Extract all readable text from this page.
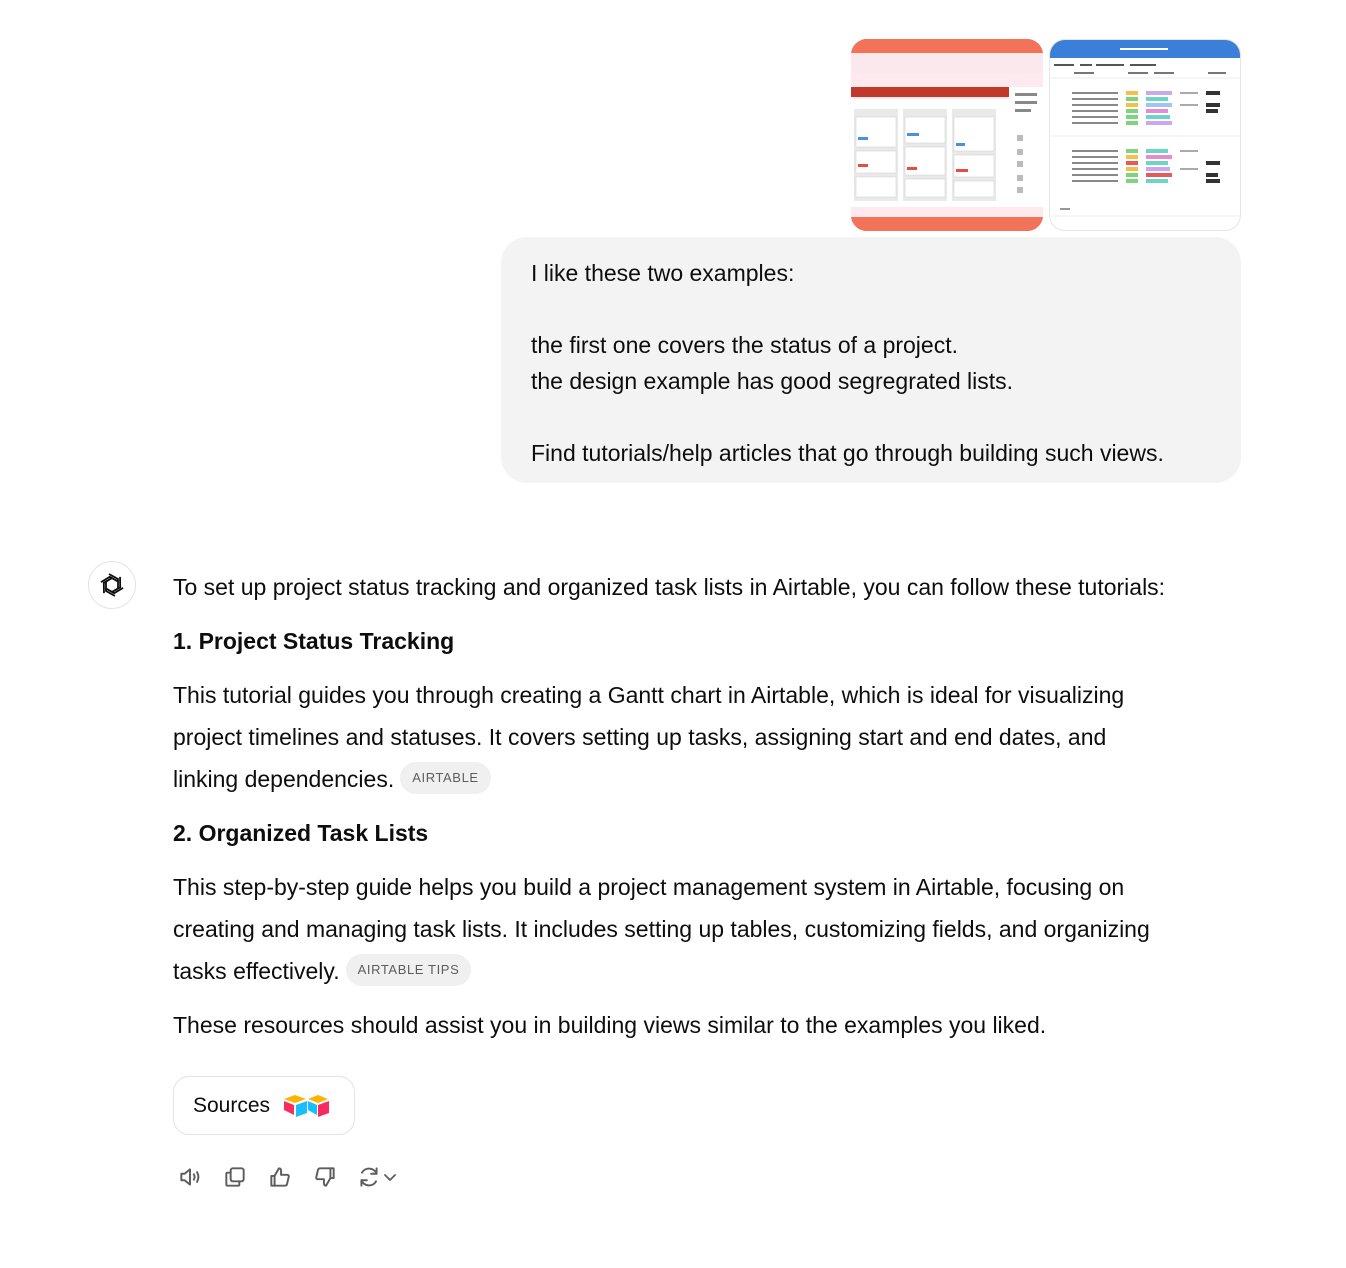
I like these two examples:

the first one covers the status of a project.

the design example has good segregrated lists.

Find tutorials/help articles that go through building such views.

To set up project status tracking and organized task lists in Airtable, you can follow these tutorials:
1. Project Status Tracking
This tutorial guides you through creating a Gantt chart in Airtable, which is ideal for visualizing
project timelines and statuses. It covers setting up tasks, assigning start and end dates, and
linking dependencies. AIRTABLE
2. Organized Task Lists
This step-by-step guide helps you build a project management system in Airtable, focusing on
creating and managing task lists. It includes setting up tables, customizing fields, and organizing
tasks effectively. AIRTABLE TIPS
These resources should assist you in building views similar to the examples you liked.
Sources
